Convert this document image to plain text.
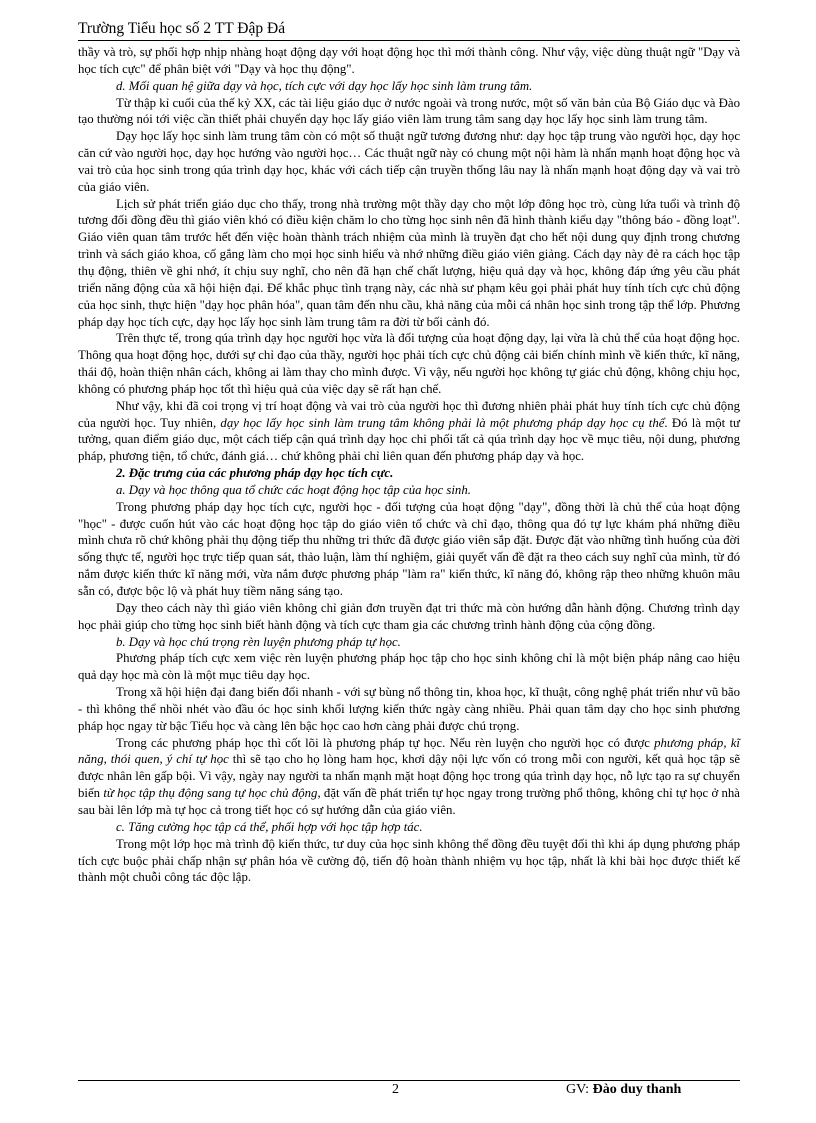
Trường Tiểu học số 2 TT Đập Đá

thầy và trò, sự phối hợp nhịp nhàng hoạt động dạy với hoạt động học thì mới thành công. Như vậy, việc dùng thuật ngữ "Dạy và học tích cực" để phân biệt với "Dạy và học thụ động".

d. Mối quan hệ giữa dạy và học, tích cực với dạy học lấy học sinh làm trung tâm.

Từ thập kỉ cuối của thế kỷ XX, các tài liệu giáo dục ở nước ngoài và trong nước, một số văn bản của Bộ Giáo dục và Đào tạo thường nói tới việc cần thiết phải chuyển dạy học lấy giáo viên làm trung tâm sang dạy học lấy học sinh làm trung tâm.

Dạy học lấy học sinh làm trung tâm còn có một số thuật ngữ tương đương như: dạy học tập trung vào người học, dạy học căn cứ vào người học, dạy học hướng vào người học… Các thuật ngữ này có chung một nội hàm là nhấn mạnh hoạt động học và vai trò của học sinh trong qúa trình dạy học, khác với cách tiếp cận truyền thống lâu nay là nhấn mạnh hoạt động dạy và vai trò của giáo viên.

Lịch sử phát triển giáo dục cho thấy, trong nhà trường một thầy dạy cho một lớp đông học trò, cùng lứa tuổi và trình độ tương đối đồng đều thì giáo viên khó có điều kiện chăm lo cho từng học sinh nên đã hình thành kiểu dạy "thông báo - đồng loạt". Giáo viên quan tâm trước hết đến việc hoàn thành trách nhiệm của mình là truyền đạt cho hết nội dung quy định trong chương trình và sách giáo khoa, cố gắng làm cho mọi học sinh hiểu và nhớ những điều giáo viên giảng. Cách dạy này đẻ ra cách học tập thụ động, thiên về ghi nhớ, ít chịu suy nghĩ, cho nên đã hạn chế chất lượng, hiệu quả dạy và học, không đáp ứng yêu cầu phát triển năng động của xã hội hiện đại. Để khắc phục tình trạng này, các nhà sư phạm kêu gọi phải phát huy tính tích cực chủ động của học sinh, thực hiện "dạy học phân hóa", quan tâm đến nhu cầu, khả năng của mỗi cá nhân học sinh trong tập thể lớp. Phương pháp dạy học tích cực, dạy học lấy học sinh làm trung tâm ra đời từ bối cảnh đó.

Trên thực tế, trong qúa trình dạy học người học vừa là đối tượng của hoạt động dạy, lại vừa là chủ thể của hoạt động học. Thông qua hoạt động học, dưới sự chỉ đạo của thầy, người học phải tích cực chủ động cải biến chính mình về kiến thức, kĩ năng, thái độ, hoàn thiện nhân cách, không ai làm thay cho mình được. Vì vậy, nếu người học không tự giác chủ động, không chịu học, không có phương pháp học tốt thì hiệu quả của việc dạy sẽ rất hạn chế.

Như vậy, khi đã coi trọng vị trí hoạt động và vai trò của người học thì đương nhiên phải phát huy tính tích cực chủ động của người học. Tuy nhiên, dạy học lấy học sinh làm trung tâm không phải là một phương pháp dạy học cụ thể. Đó là một tư tưởng, quan điểm giáo dục, một cách tiếp cận quá trình dạy học chi phối tất cả qúa trình dạy học về mục tiêu, nội dung, phương pháp, phương tiện, tổ chức, đánh giá… chứ không phải chỉ liên quan đến phương pháp dạy và học.

2. Đặc trưng của các phương pháp dạy học tích cực.

a. Dạy và học thông qua tổ chức các hoạt động học tập của học sinh.

Trong phương pháp dạy học tích cực, người học - đối tượng của hoạt động "dạy", đồng thời là chủ thể của hoạt động "học" - được cuốn hút vào các hoạt động học tập do giáo viên tổ chức và chỉ đạo, thông qua đó tự lực khám phá những điều mình chưa rõ chứ không phải thụ động tiếp thu những tri thức đã được giáo viên sắp đặt. Được đặt vào những tình huống của đời sống thực tế, người học trực tiếp quan sát, thảo luận, làm thí nghiệm, giải quyết vấn đề đặt ra theo cách suy nghĩ của mình, từ đó nắm được kiến thức kĩ năng mới, vừa nắm được phương pháp "làm ra" kiến thức, kĩ năng đó, không rập theo những khuôn mâu sẵn có, được bộc lộ và phát huy tiềm năng sáng tạo.

Dạy theo cách này thì giáo viên không chỉ giản đơn truyền đạt tri thức mà còn hướng dẫn hành động. Chương trình dạy học phải giúp cho từng học sinh biết hành động và tích cực tham gia các chương trình hành động của cộng đồng.

b. Dạy và học chú trọng rèn luyện phương pháp tự học.

Phương pháp tích cực xem việc rèn luyện phương pháp học tập cho học sinh không chỉ là một biện pháp nâng cao hiệu quả dạy học mà còn là một mục tiêu dạy học.

Trong xã hội hiện đại đang biến đổi nhanh - với sự bùng nổ thông tin, khoa học, kĩ thuật, công nghệ phát triển như vũ bão - thì không thể nhồi nhét vào đầu óc học sinh khối lượng kiến thức ngày càng nhiều. Phải quan tâm dạy cho học sinh phương pháp học ngay từ bậc Tiểu học và càng lên bậc học cao hơn càng phải được chú trọng.

Trong các phương pháp học thì cốt lõi là phương pháp tự học. Nếu rèn luyện cho người học có được phương pháp, kĩ năng, thói quen, ý chí tự học thì sẽ tạo cho họ lòng ham học, khơi dậy nội lực vốn có trong mỗi con người, kết quả học tập sẽ được nhân lên gấp bội. Vì vậy, ngày nay người ta nhấn mạnh mặt hoạt động học trong qúa trình dạy học, nỗ lực tạo ra sự chuyển biến từ học tập thụ động sang tự học chủ động, đặt vấn đề phát triển tự học ngay trong trường phổ thông, không chỉ tự học ở nhà sau bài lên lớp mà tự học cả trong tiết học có sự hướng dẫn của giáo viên.

c. Tăng cường học tập cá thể, phối hợp với học tập hợp tác.

Trong một lớp học mà trình độ kiến thức, tư duy của học sinh không thể đồng đều tuyệt đối thì khi áp dụng phương pháp tích cực buộc phải chấp nhận sự phân hóa về cường độ, tiến độ hoàn thành nhiệm vụ học tập, nhất là khi bài học được thiết kế thành một chuỗi công tác độc lập.

2	GV: Đào duy thanh
